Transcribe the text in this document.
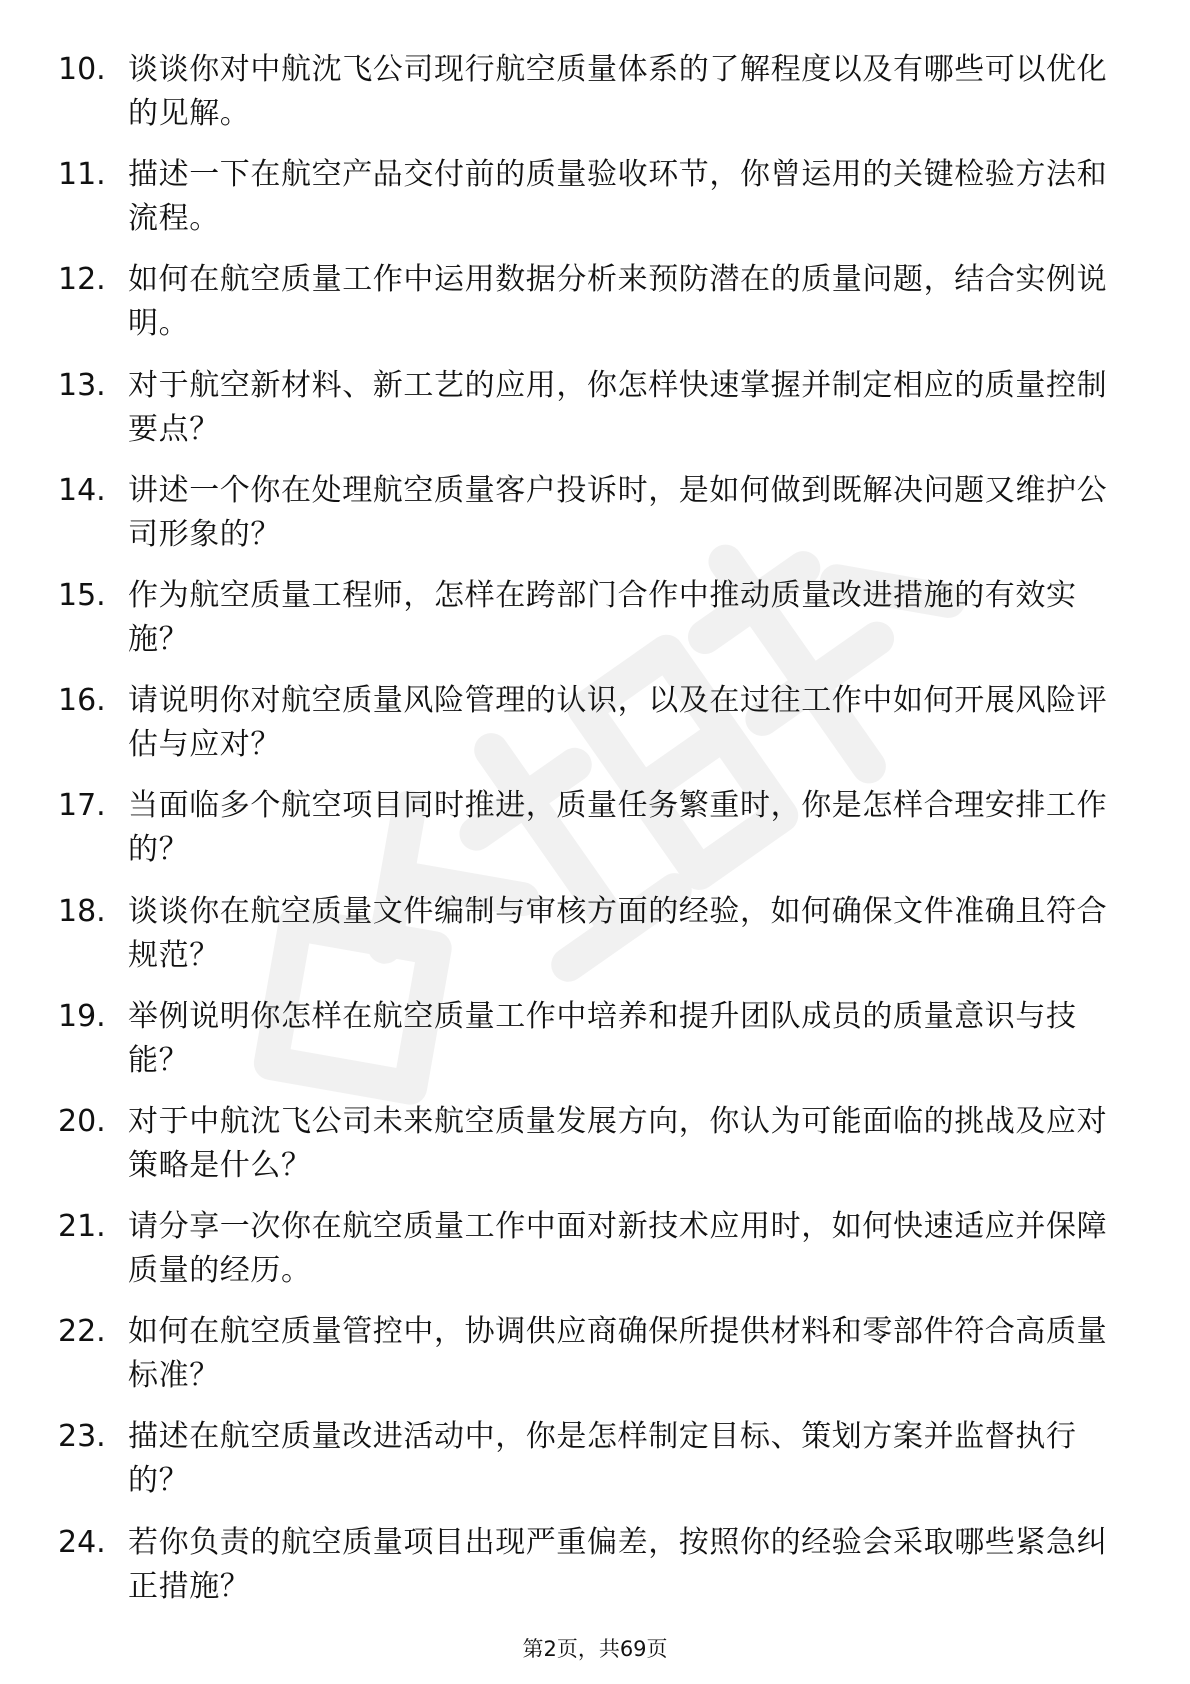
10. 谈谈你对中航沈飞公司现行航空质量体系的了解程度以及有哪些可以优化的见解。
11. 描述一下在航空产品交付前的质量验收环节，你曾运用的关键检验方法和流程。
12. 如何在航空质量工作中运用数据分析来预防潜在的质量问题，结合实例说明。
13. 对于航空新材料、新工艺的应用，你怎样快速掌握并制定相应的质量控制要点？
14. 讲述一个你在处理航空质量客户投诉时，是如何做到既解决问题又维护公司形象的？
15. 作为航空质量工程师，怎样在跨部门合作中推动质量改进措施的有效实施？
16. 请说明你对航空质量风险管理的认识，以及在过往工作中如何开展风险评估与应对？
17. 当面临多个航空项目同时推进，质量任务繁重时，你是怎样合理安排工作的？
18. 谈谈你在航空质量文件编制与审核方面的经验，如何确保文件准确且符合规范？
19. 举例说明你怎样在航空质量工作中培养和提升团队成员的质量意识与技能？
20. 对于中航沈飞公司未来航空质量发展方向，你认为可能面临的挑战及应对策略是什么？
21. 请分享一次你在航空质量工作中面对新技术应用时，如何快速适应并保障质量的经历。
22. 如何在航空质量管控中，协调供应商确保所提供材料和零部件符合高质量标准？
23. 描述在航空质量改进活动中，你是怎样制定目标、策划方案并监督执行的？
24. 若你负责的航空质量项目出现严重偏差，按照你的经验会采取哪些紧急纠正措施？
第2页，共69页
